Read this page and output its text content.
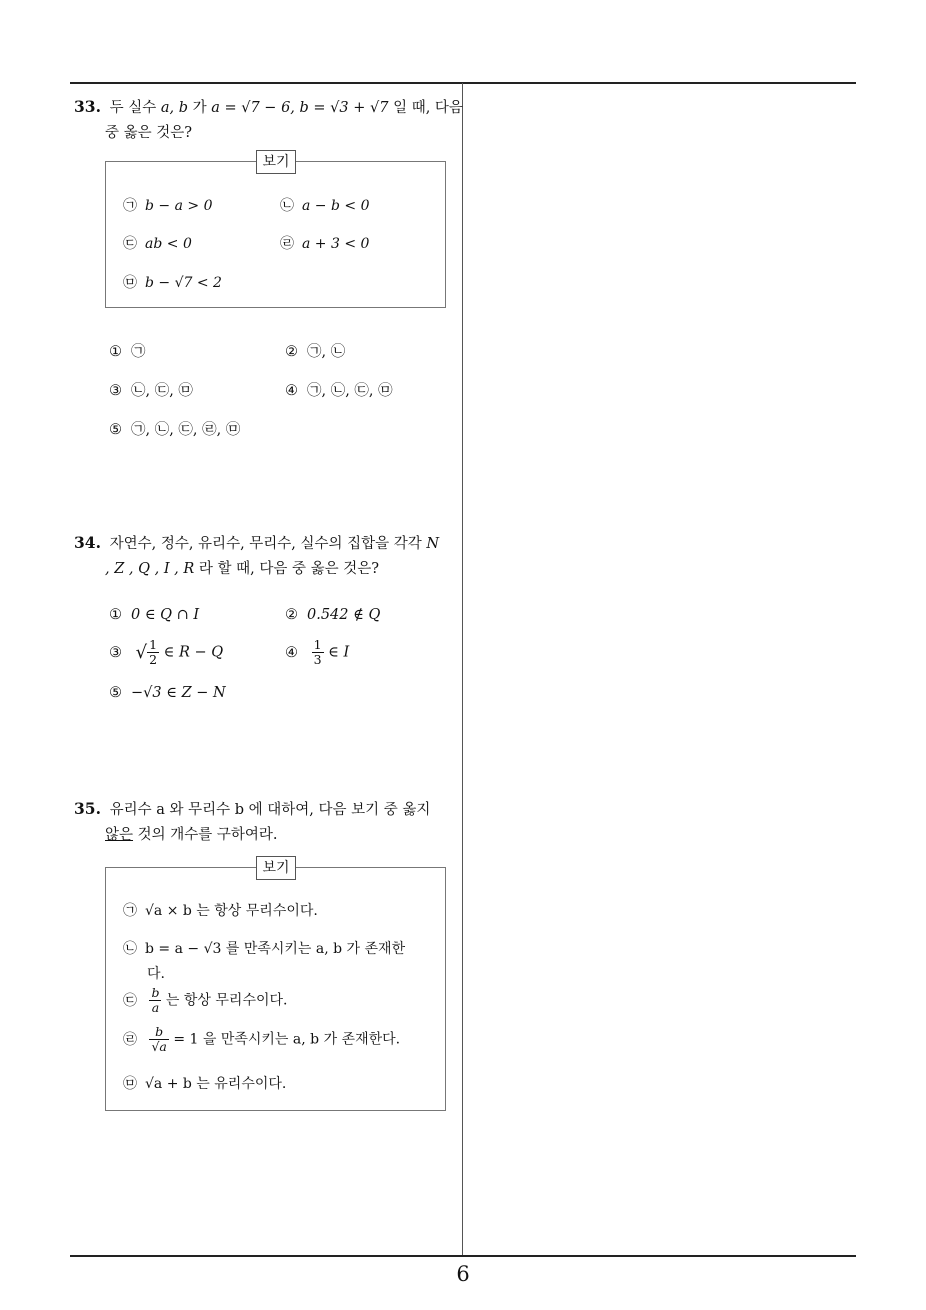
33. 두 실수 a, b 가 a = √7 − 6, b = √3 + √7 일 때, 다음
중 옳은 것은?
보기
㉠ b − a > 0	㉡ a − b < 0
㉢ ab < 0	㉣ a + 3 < 0
㉤ b − √7 < 2
① ㉠	② ㉠, ㉡
③ ㉡, ㉢, ㉤	④ ㉠, ㉡, ㉢, ㉤
⑤ ㉠, ㉡, ㉢, ㉣, ㉤
34. 자연수, 정수, 유리수, 무리수, 실수의 집합을 각각 N
, Z , Q , I , R 라 할 때, 다음 중 옳은 것은?
① 0 ∈ Q ∩ I	② 0.542 ∉ Q
③ √ $\frac{1}{2}$ ∈ R − Q	④ $\frac{1}{3}$ ∈ I
⑤ −√3 ∈ Z − N
35. 유리수 a 와 무리수 b 에 대하여, 다음 보기 중 옳지
않은 것의 개수를 구하여라.
보기
㉠ √a × b 는 항상 무리수이다.
㉡ b = a − √3 를 만족시키는 a, b 가 존재한
다.
㉢ $\frac{b}{a}$ 는 항상 무리수이다.
㉣ $\frac{b}{√a} = 1$ 을 만족시키는 a, b 가 존재한다.
㉤ √a + b 는 유리수이다.
6
